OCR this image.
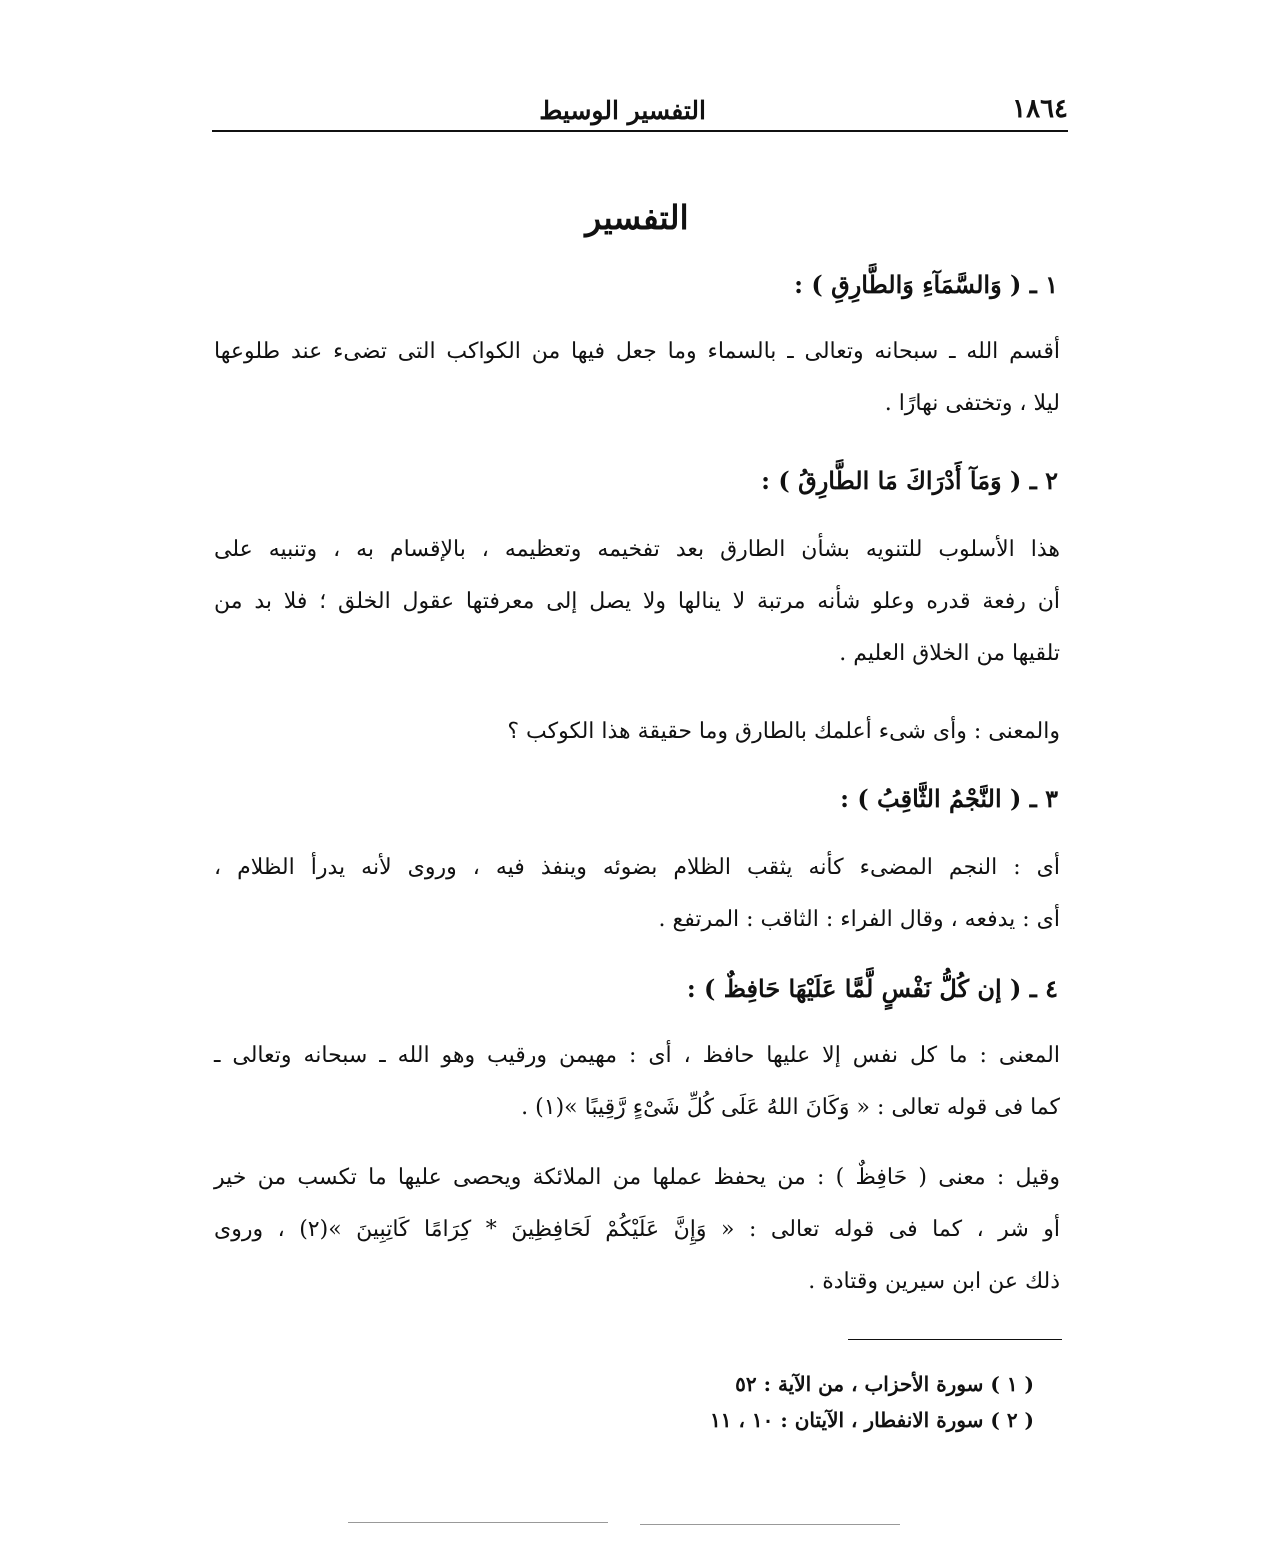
التفسير الوسيط	١٨٦٤
التفسير
١ ـ ( وَالسَّمَآءِ وَالطَّارِقِ ) :
أقسم الله ـ سبحانه وتعالى ـ بالسماء وما جعل فيها من الكواكب التى تضىء عند طلوعها
ليلا ، وتختفى نهارًا .
٢ ـ ( وَمَآ أَدْرَاكَ مَا الطَّارِقُ ) :
هذا الأسلوب للتنويه بشأن الطارق بعد تفخيمه وتعظيمه ، بالإقسام به ، وتنبيه على
أن رفعة قدره وعلو شأنه مرتبة لا ينالها ولا يصل إلى معرفتها عقول الخلق ؛ فلا بد من
تلقيها من الخلاق العليم .
والمعنى : وأى شىء أعلمك بالطارق وما حقيقة هذا الكوكب ؟
٣ ـ ( النَّجْمُ الثَّاقِبُ ) :
أى : النجم المضىء كأنه يثقب الظلام بضوئه وينفذ فيه ، وروى لأنه يدرأ الظلام ،
أى : يدفعه ، وقال الفراء : الثاقب : المرتفع .
٤ ـ ( إن كُلُّ نَفْسٍ لَّمَّا عَلَيْهَا حَافِظٌ ) :
المعنى : ما كل نفس إلا عليها حافظ ، أى : مهيمن ورقيب وهو الله ـ سبحانه وتعالى ـ
كما فى قوله تعالى : « وَكَانَ اللهُ عَلَى كُلِّ شَىْءٍ رَّقِيبًا »(١) .
وقيل : معنى ( حَافِظٌ ) : من يحفظ عملها من الملائكة ويحصى عليها ما تكسب من خير
أو شر ، كما فى قوله تعالى : « وَإِنَّ عَلَيْكُمْ لَحَافِظِينَ * كِرَامًا كَاتِبِينَ »(٢) ، وروى
ذلك عن ابن سيرين وقتادة .
( ١ ) سورة الأحزاب ، من الآية : ٥٢
( ٢ ) سورة الانفطار ، الآيتان : ١٠ ، ١١
